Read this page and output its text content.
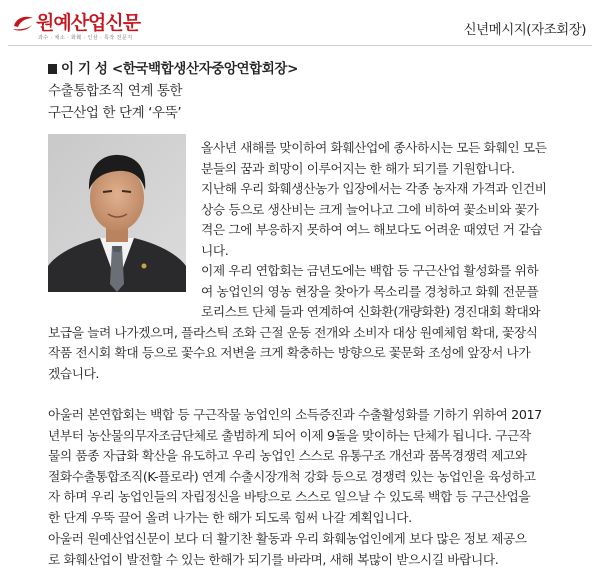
원예산업신문
과수 · 채소 · 화훼 · 인삼 · 특작 전문지	신년메시지(자조회장)
이 기 성 <한국백합생산자중앙연합회장>
수출통합조직 연계 통한
구근산업 한 단계 ‘우뚝’
올사년 새해를 맞이하여 화훼산업에 종사하시는 모든 화훼인 모든
분들의 꿈과 희망이 이루어지는 한 해가 되기를 기원합니다.
지난해 우리 화훼생산농가 입장에서는 각종 농자재 가격과 인건비
상승 등으로 생산비는 크게 늘어나고 그에 비하여 꽃소비와 꽃가
격은 그에 부응하지 못하여 여느 해보다도 어려운 때였던 거 같습
니다.
이제 우리 연합회는 금년도에는 백합 등 구근산업 활성화를 위하
여 농업인의 영농 현장을 찾아가 목소리를 경청하고 화훼 전문플
로리스트 단체 들과 연계하여 신화환(개량화환) 경진대회 확대와
보급을 늘려 나가겠으며, 플라스틱 조화 근절 운동 전개와 소비자 대상 원예체험 확대, 꽃장식
작품 전시회 확대 등으로 꽃수요 저변을 크게 확충하는 방향으로 꽃문화 조성에 앞장서 나가
겠습니다.
아울러 본연합회는 백합 등 구근작물 농업인의 소득증진과 수출활성화를 기하기 위하여 2017
년부터 농산물의무자조금단체로 출범하게 되어 이제 9돌을 맞이하는 단체가 됩니다. 구근작
물의 품종 자급화 확산을 유도하고 우리 농업인 스스로 유통구조 개선과 품목경쟁력 제고와
절화수출통합조직(K-플로라) 연계 수출시장개척 강화 등으로 경쟁력 있는 농업인을 육성하고
자 하며 우리 농업인들의 자립정신을 바탕으로 스스로 일으날 수 있도록 백합 등 구근산업을
한 단계 우뚝 끌어 올려 나가는 한 해가 되도록 힘써 나갈 계획입니다.
아울러 원예산업신문이 보다 더 활기찬 활동과 우리 화훼농업인에게 보다 많은 정보 제공으
로 화훼산업이 발전할 수 있는 한해가 되기를 바라며, 새해 복많이 받으시길 바랍니다.
